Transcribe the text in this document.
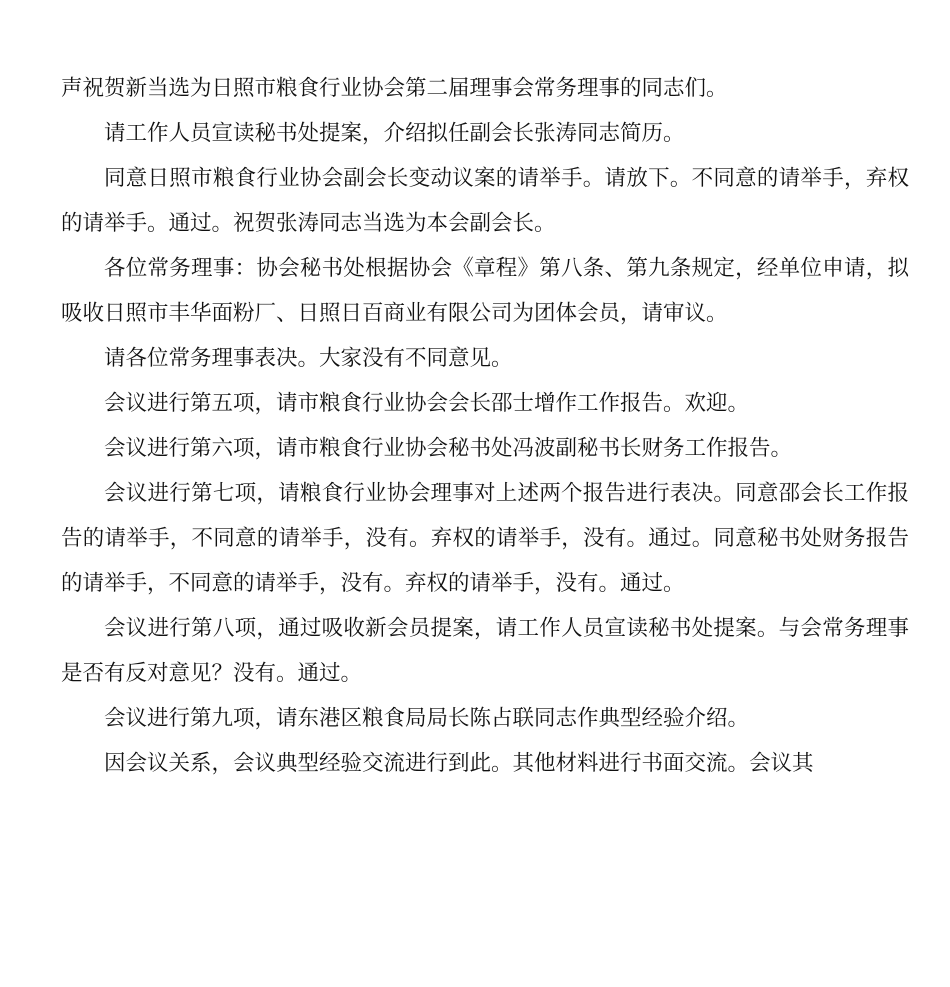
声祝贺新当选为日照市粮食行业协会第二届理事会常务理事的同志们。

请工作人员宣读秘书处提案，介绍拟任副会长张涛同志简历。

同意日照市粮食行业协会副会长变动议案的请举手。请放下。不同意的请举手，弃权的请举手。通过。祝贺张涛同志当选为本会副会长。

各位常务理事：协会秘书处根据协会《章程》第八条、第九条规定，经单位申请，拟吸收日照市丰华面粉厂、日照日百商业有限公司为团体会员，请审议。

请各位常务理事表决。大家没有不同意见。

会议进行第五项，请市粮食行业协会会长邵士增作工作报告。欢迎。

会议进行第六项，请市粮食行业协会秘书处冯波副秘书长财务工作报告。

会议进行第七项，请粮食行业协会理事对上述两个报告进行表决。同意邵会长工作报告的请举手，不同意的请举手，没有。弃权的请举手，没有。通过。同意秘书处财务报告的请举手，不同意的请举手，没有。弃权的请举手，没有。通过。

会议进行第八项，通过吸收新会员提案，请工作人员宣读秘书处提案。与会常务理事是否有反对意见？没有。通过。

会议进行第九项，请东港区粮食局局长陈占联同志作典型经验介绍。

因会议关系，会议典型经验交流进行到此。其他材料进行书面交流。会议其
